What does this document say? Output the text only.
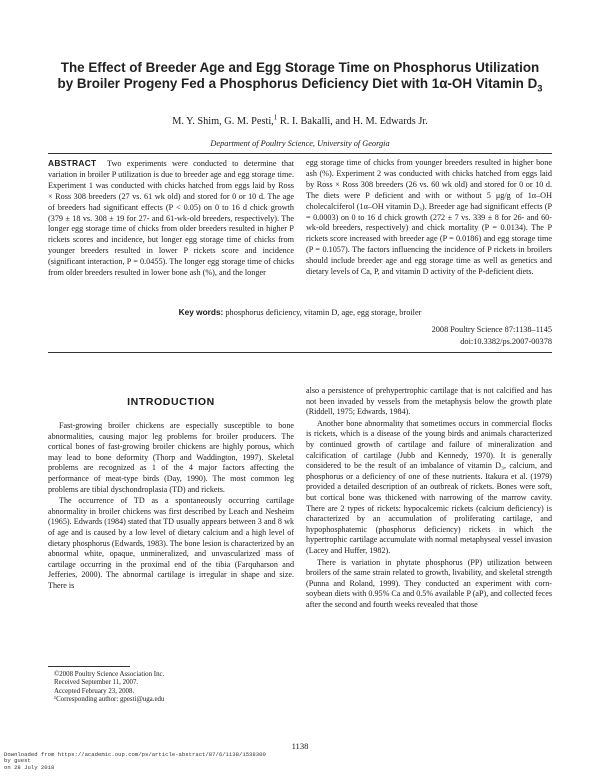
The Effect of Breeder Age and Egg Storage Time on Phosphorus Utilization
by Broiler Progeny Fed a Phosphorus Deficiency Diet with 1α-OH Vitamin $D_3$
M. Y. Shim, G. M. Pesti,$^1$ R. I. Bakalli, and H. M. Edwards Jr.
Department of Poultry Science, University of Georgia

ABSTRACT Two experiments were conducted to determine that variation in broiler P utilization is due to breeder age and egg storage time. Experiment 1 was conducted with chicks hatched from eggs laid by Ross × Ross 308 breeders (27 vs. 61 wk old) and stored for 0 or 10 d. The age of breeders had significant effects (P < 0.05) on 0 to 16 d chick growth (379 ± 18 vs. 308 ± 19 for 27- and 61-wk-old breeders, respectively). The longer egg storage time of chicks from older breeders resulted in higher P rickets scores and incidence, but longer egg storage time of chicks from younger breeders resulted in lower P rickets score and incidence (significant interaction, P = 0.0455). The longer egg storage time of chicks from older breeders resulted in lower bone ash (%), and the longer

egg storage time of chicks from younger breeders resulted in higher bone ash (%). Experiment 2 was conducted with chicks hatched from eggs laid by Ross × Ross 308 breeders (26 vs. 60 wk old) and stored for 0 or 10 d. The diets were P deficient and with or without 5 μg/g of 1α–OH cholecalciferol (1α–OH vitamin D₃). Breeder age had significant effects (P = 0.0003) on 0 to 16 d chick growth (272 ± 7 vs. 339 ± 8 for 26- and 60-wk-old breeders, respectively) and chick mortality (P = 0.0134). The P rickets score increased with breeder age (P = 0.0186) and egg storage time (P = 0.1057). The factors influencing the incidence of P rickets in broilers should include breeder age and egg storage time as well as genetics and dietary levels of Ca, P, and vitamin D activity of the P-deficient diets.

Key words: phosphorus deficiency, vitamin D, age, egg storage, broiler
2008 Poultry Science 87:1138–1145
doi:10.3382/ps.2007-00378
INTRODUCTION

Fast-growing broiler chickens are especially susceptible to bone abnormalities, causing major leg problems for broiler producers. The cortical bones of fast-growing broiler chickens are highly porous, which may lead to bone deformity (Thorp and Waddington, 1997). Skeletal problems are recognized as 1 of the 4 major factors affecting the performance of meat-type birds (Day, 1990). The most common leg problems are tibial dyschondroplasia (TD) and rickets.

The occurrence of TD as a spontaneously occurring cartilage abnormality in broiler chickens was first described by Leach and Nesheim (1965). Edwards (1984) stated that TD usually appears between 3 and 8 wk of age and is caused by a low level of dietary calcium and a high level of dietary phosphorus (Edwards, 1983). The bone lesion is characterized by an abnormal white, opaque, unmineralized, and unvascularized mass of cartilage occurring in the proximal end of the tibia (Farquharson and Jefferies, 2000). The abnormal cartilage is irregular in shape and size. There is

also a persistence of prehypertrophic cartilage that is not calcified and has not been invaded by vessels from the metaphysis below the growth plate (Riddell, 1975; Edwards, 1984).

Another bone abnormality that sometimes occurs in commercial flocks is rickets, which is a disease of the young birds and animals characterized by continued growth of cartilage and failure of mineralization and calcification of cartilage (Jubb and Kennedy, 1970). It is generally considered to be the result of an imbalance of vitamin D₃, calcium, and phosphorus or a deficiency of one of these nutrients. Itakura et al. (1979) provided a detailed description of an outbreak of rickets. Bones were soft, but cortical bone was thickened with narrowing of the marrow cavity. There are 2 types of rickets: hypocalcemic rickets (calcium deficiency) is characterized by an accumulation of proliferating cartilage, and hypophosphatemic (phosphorus deficiency) rickets in which the hypertrophic cartilage accumulate with normal metaphyseal vessel invasion (Lacey and Huffer, 1982).

There is variation in phytate phosphorus (PP) utilization between broilers of the same strain related to growth, livability, and skeletal strength (Punna and Roland, 1999). They conducted an experiment with corn-soybean diets with 0.95% Ca and 0.5% available P (aP), and collected feces after the second and fourth weeks revealed that those

©2008 Poultry Science Association Inc.
Received September 11, 2007.
Accepted February 23, 2008.
¹Corresponding author: gpesti@uga.edu
1138
Downloaded from https://academic.oup.com/ps/article-abstract/87/6/1138/1538300
by guest
on 28 July 2018
